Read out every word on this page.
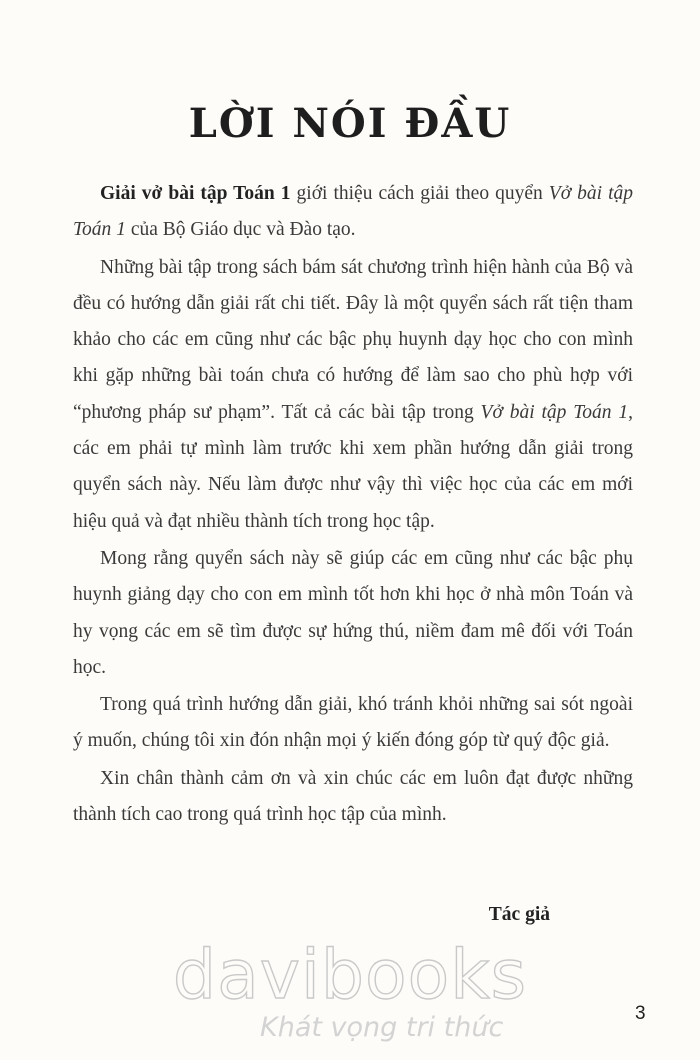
LỜI NÓI ĐẦU

Giải vở bài tập Toán 1 giới thiệu cách giải theo quyển Vở bài tập Toán 1 của Bộ Giáo dục và Đào tạo.

Những bài tập trong sách bám sát chương trình hiện hành của Bộ và đều có hướng dẫn giải rất chi tiết. Đây là một quyển sách rất tiện tham khảo cho các em cũng như các bậc phụ huynh dạy học cho con mình khi gặp những bài toán chưa có hướng để làm sao cho phù hợp với “phương pháp sư phạm”. Tất cả các bài tập trong Vở bài tập Toán 1, các em phải tự mình làm trước khi xem phần hướng dẫn giải trong quyển sách này. Nếu làm được như vậy thì việc học của các em mới hiệu quả và đạt nhiều thành tích trong học tập.

Mong rằng quyển sách này sẽ giúp các em cũng như các bậc phụ huynh giảng dạy cho con em mình tốt hơn khi học ở nhà môn Toán và hy vọng các em sẽ tìm được sự hứng thú, niềm đam mê đối với Toán học.

Trong quá trình hướng dẫn giải, khó tránh khỏi những sai sót ngoài ý muốn, chúng tôi xin đón nhận mọi ý kiến đóng góp từ quý độc giả.

Xin chân thành cảm ơn và xin chúc các em luôn đạt được những thành tích cao trong quá trình học tập của mình.

Tác giả
davibooks
Khát vọng tri thức	3
